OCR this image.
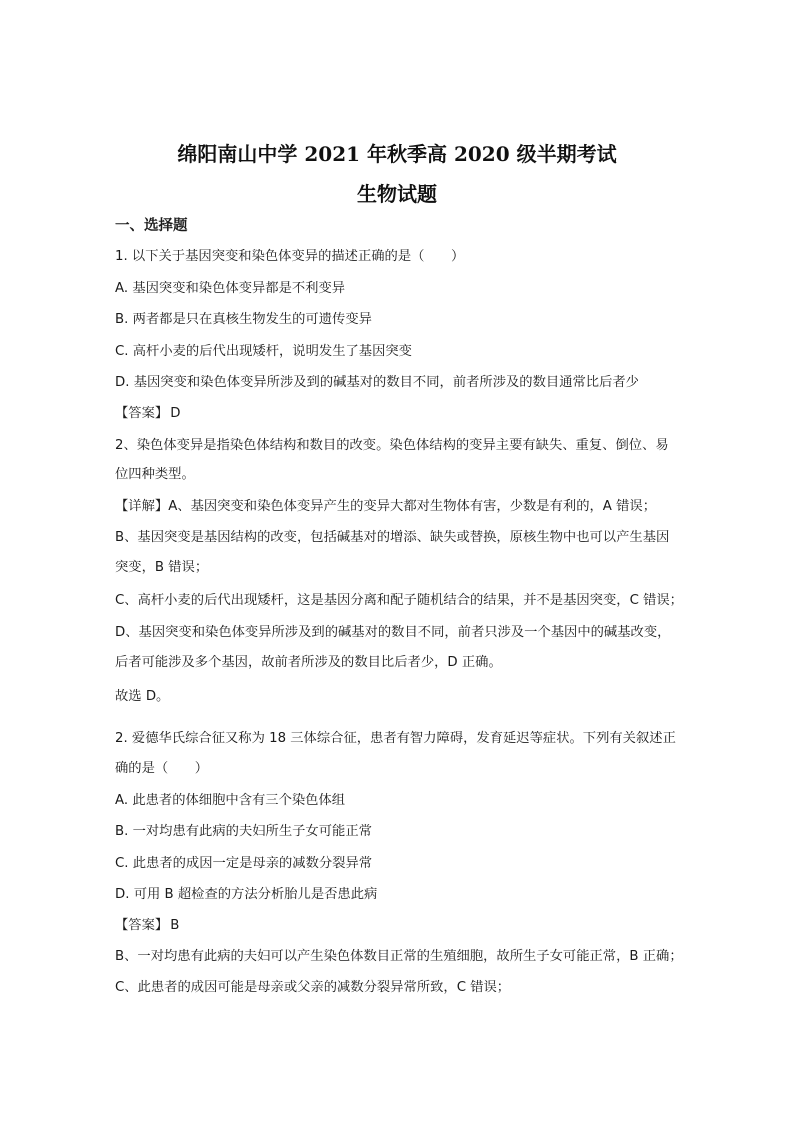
绵阳南山中学 2021 年秋季高 2020 级半期考试
生物试题
一、选择题
1. 以下关于基因突变和染色体变异的描述正确的是（　　）
A. 基因突变和染色体变异都是不利变异
B. 两者都是只在真核生物发生的可遗传变异
C. 高杆小麦的后代出现矮杆，说明发生了基因突变
D. 基因突变和染色体变异所涉及到的碱基对的数目不同，前者所涉及的数目通常比后者少
【答案】 D
2、染色体变异是指染色体结构和数目的改变。染色体结构的变异主要有缺失、重复、倒位、易
位四种类型。
【详解】A、基因突变和染色体变异产生的变异大都对生物体有害，少数是有利的，A 错误；
B、基因突变是基因结构的改变，包括碱基对的增添、缺失或替换，原核生物中也可以产生基因
突变，B 错误；
C、高杆小麦的后代出现矮杆，这是基因分离和配子随机结合的结果，并不是基因突变，C 错误；
D、基因突变和染色体变异所涉及到的碱基对的数目不同，前者只涉及一个基因中的碱基改变，
后者可能涉及多个基因，故前者所涉及的数目比后者少，D 正确。
故选 D。
2. 爱德华氏综合征又称为 18 三体综合征，患者有智力障碍，发育延迟等症状。下列有关叙述正
确的是（　　）
A. 此患者的体细胞中含有三个染色体组
B. 一对均患有此病的夫妇所生子女可能正常
C. 此患者的成因一定是母亲的减数分裂异常
D. 可用 B 超检查的方法分析胎儿是否患此病
【答案】 B
B、一对均患有此病的夫妇可以产生染色体数目正常的生殖细胞，故所生子女可能正常，B 正确；
C、此患者的成因可能是母亲或父亲的减数分裂异常所致，C 错误；
